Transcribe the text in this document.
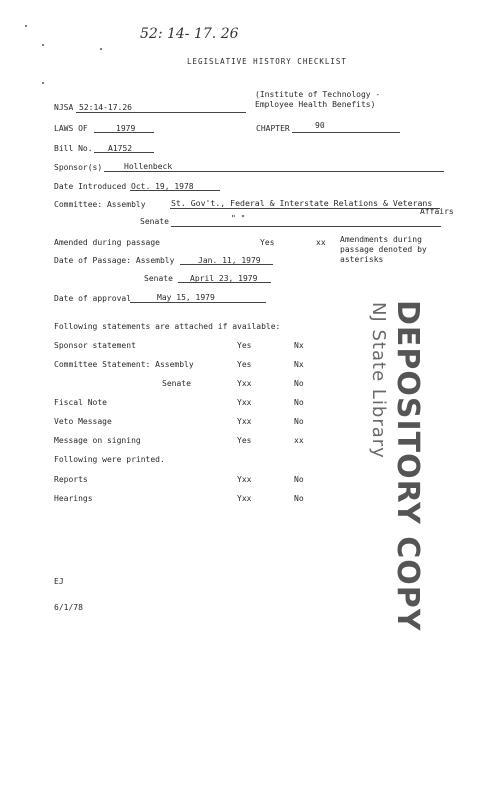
52: 14- 17. 26
LEGISLATIVE HISTORY CHECKLIST
NJSA 52:14-17.26
(Institute of Technology -
Employee Health Benefits)
LAWS OF	1979	CHAPTER	90
Bill No. A1752
Sponsor(s)	Hollenbeck
Date Introduced Oct. 19, 1978
Committee: Assembly	St. Gov't., Federal & Interstate Relations & Veterans
Affairs
Senate	" "
Amended during passage	Yes	xx Amendments during
passage denoted by
asterisks
Date of Passage: Assembly	Jan. 11, 1979
Senate April 23, 1979
Date of approval	May 15, 1979
Following statements are attached if available:
Sponsor statement	Yes	Nx
Committee Statement: Assembly	Yes	Nx
Senate	Yxx	No
Fiscal Note	Yxx	No
Veto Message	Yxx	No
Message on signing	Yes	xx
Following were printed.
Reports	Yxx	No
Hearings	Yxx	No
NJ State Library DEPOSITORY COPY
EJ
6/1/78
